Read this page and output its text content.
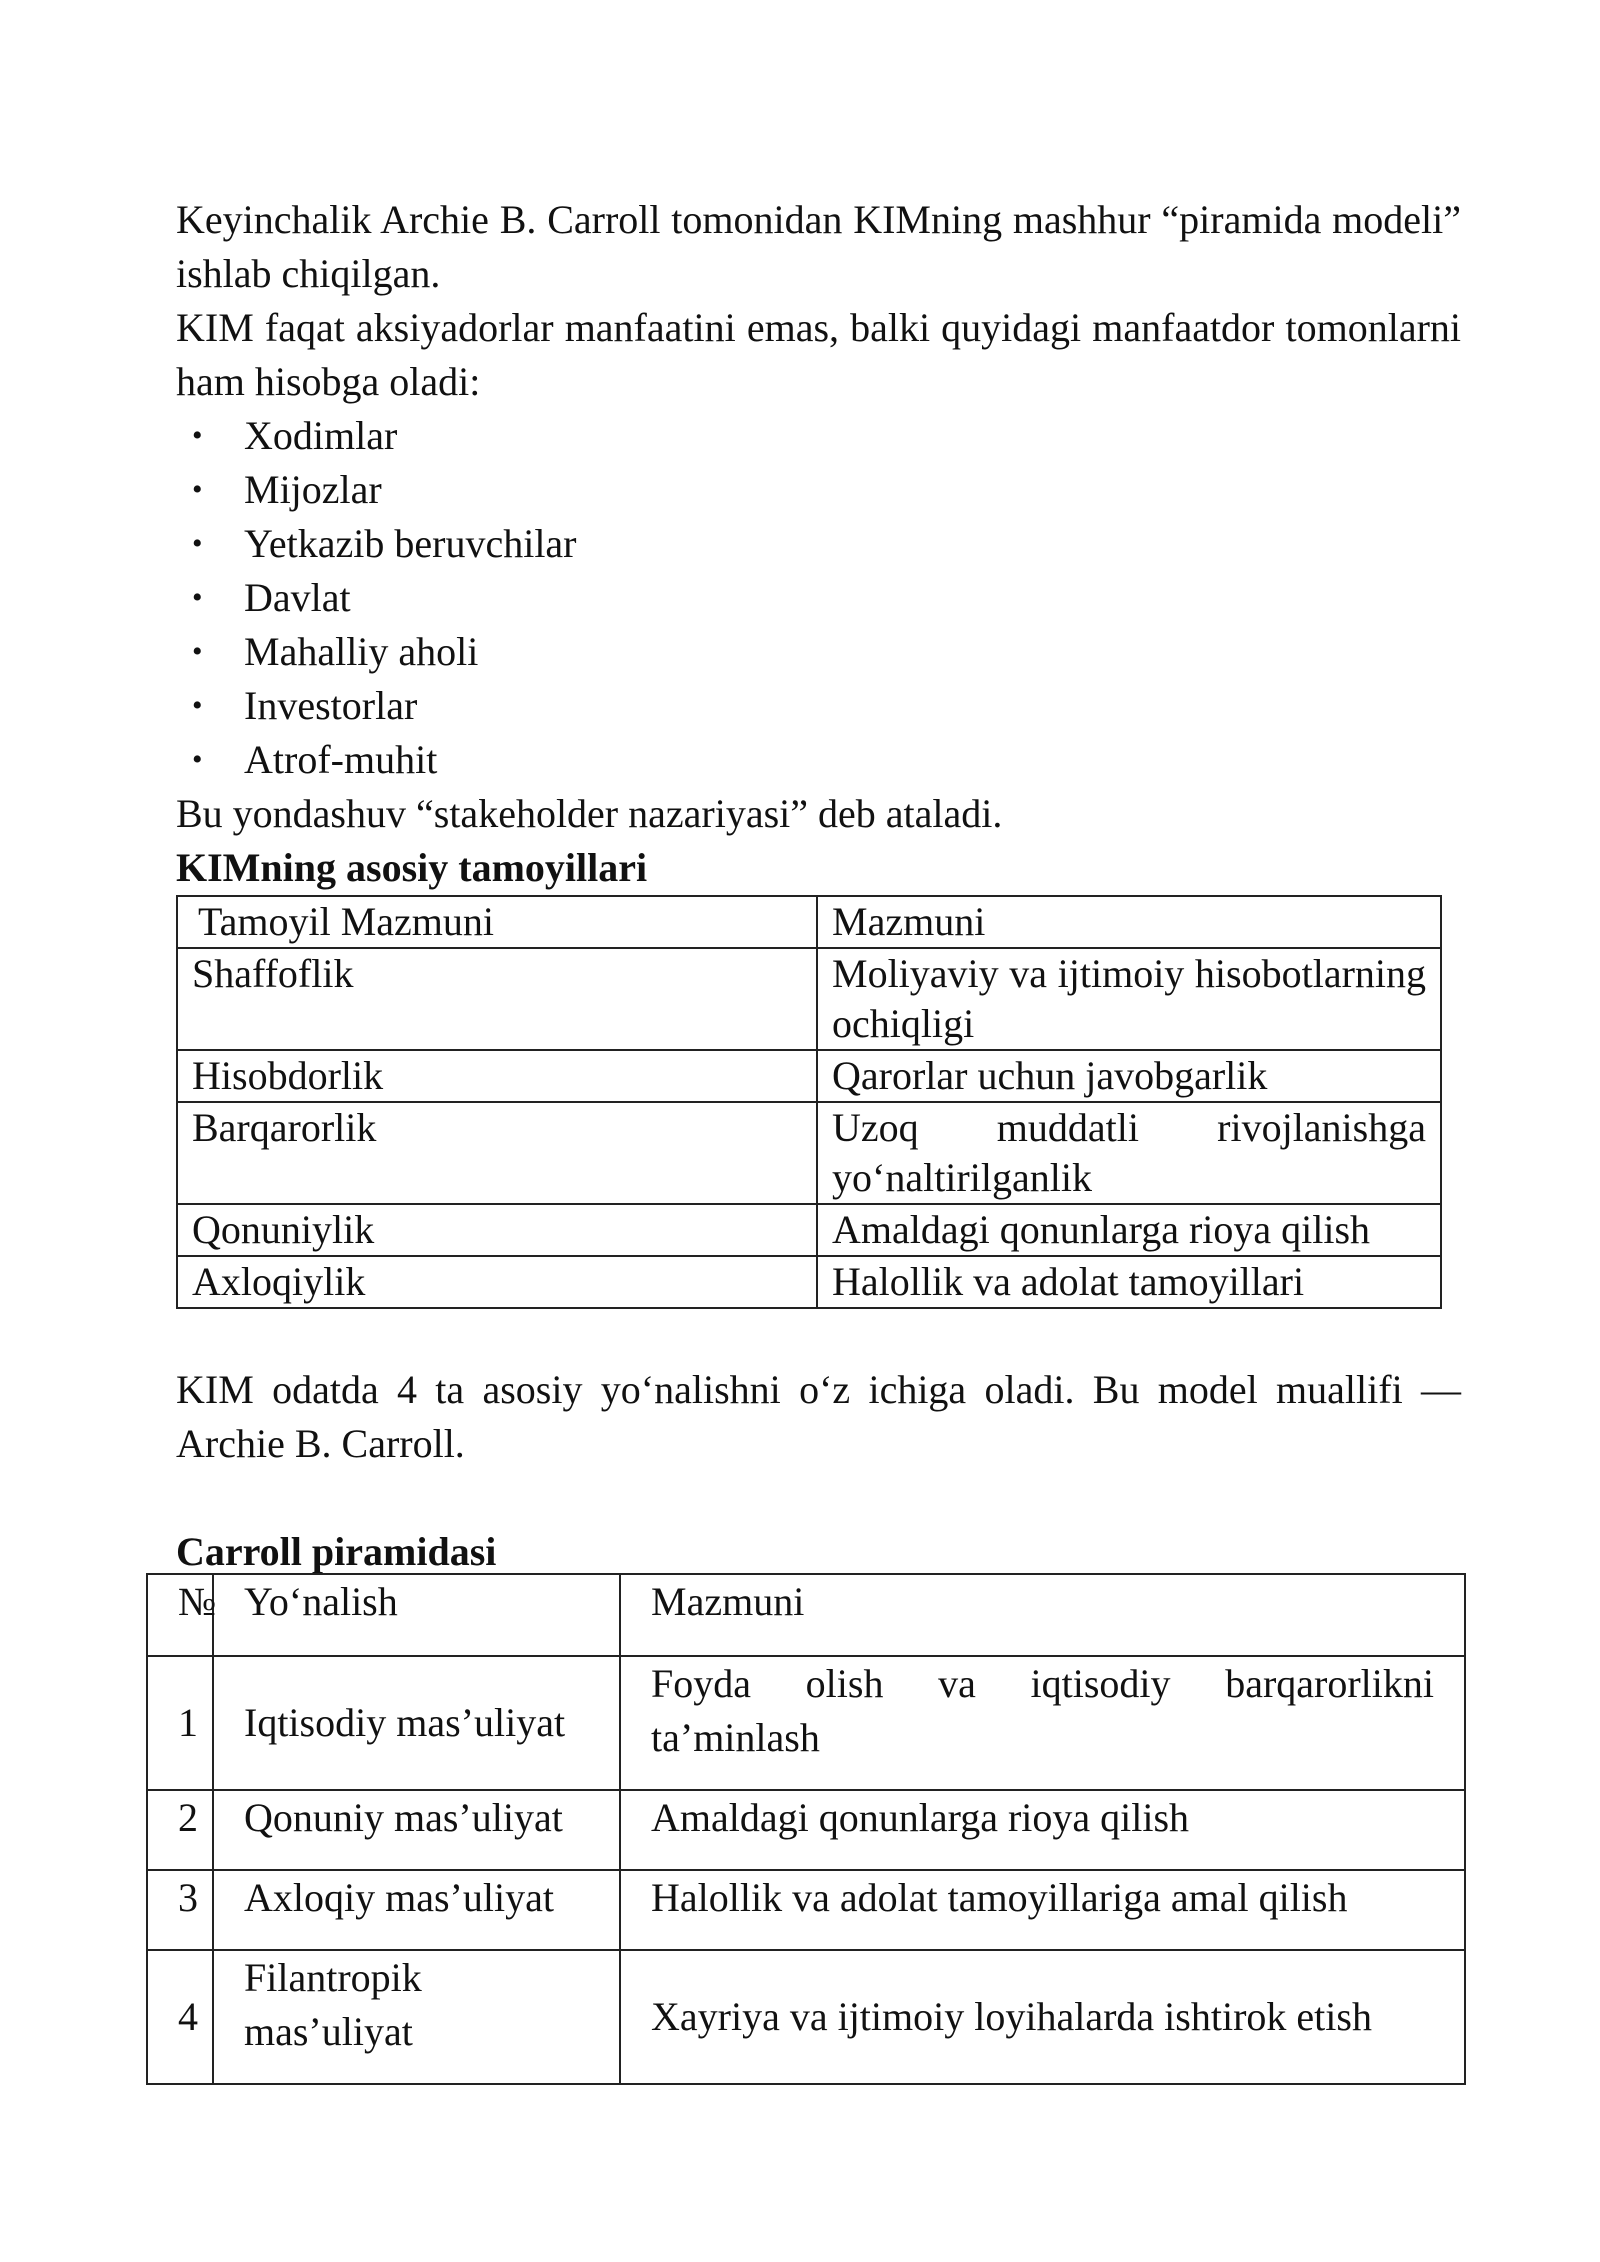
Keyinchalik Archie B. Carroll tomonidan KIMning mashhur “piramida modeli” ishlab chiqilgan.

KIM faqat aksiyadorlar manfaatini emas, balki quyidagi manfaatdor tomonlarni ham hisobga oladi:

• Xodimlar
• Mijozlar
• Yetkazib beruvchilar
• Davlat
• Mahalliy aholi
• Investorlar
• Atrof-muhit

Bu yondashuv “stakeholder nazariyasi” deb ataladi.

KIMning asosiy tamoyillari
Tamoyil Mazmuni	Mazmuni
Shaffoflik	Moliyaviy va ijtimoiy hisobotlarning ochiqligi
Hisobdorlik	Qarorlar uchun javobgarlik
Barqarorlik	Uzoq muddatli rivojlanishga yo‘naltirilganlik
Qonuniylik	Amaldagi qonunlarga rioya qilish
Axloqiylik	Halollik va adolat tamoyillari

KIM odatda 4 ta asosiy yo‘nalishni o‘z ichiga oladi. Bu model muallifi — Archie B. Carroll.

Carroll piramidasi
№	Yo‘nalish	Mazmuni
1	Iqtisodiy mas’uliyat	Foyda olish va iqtisodiy barqarorlikni ta’minlash
2	Qonuniy mas’uliyat	Amaldagi qonunlarga rioya qilish
3	Axloqiy mas’uliyat	Halollik va adolat tamoyillariga amal qilish
4	Filantropik mas’uliyat	Xayriya va ijtimoiy loyihalarda ishtirok etish
